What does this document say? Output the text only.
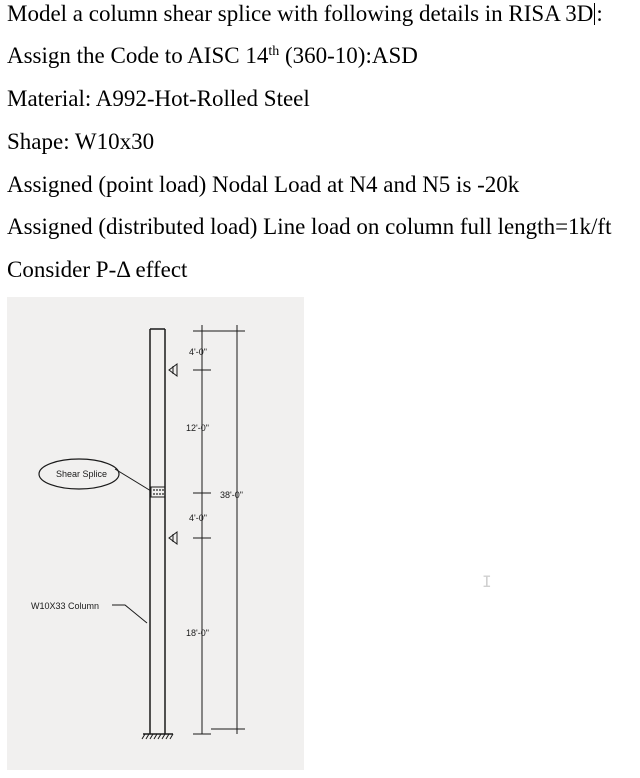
Model a column shear splice with following details in RISA 3D :
Assign the Code to AISC 14th (360-10):ASD
Material: A992-Hot-Rolled Steel
Shape: W10x30
Assigned (point load) Nodal Load at N4 and N5 is -20k
Assigned (distributed load) Line load on column full length=1k/ft
Consider P-Δ effect
4'-0"
12'-0"
4'-0"
18'-0"
38'-0"
Shear Splice
W10X33 Column
I
